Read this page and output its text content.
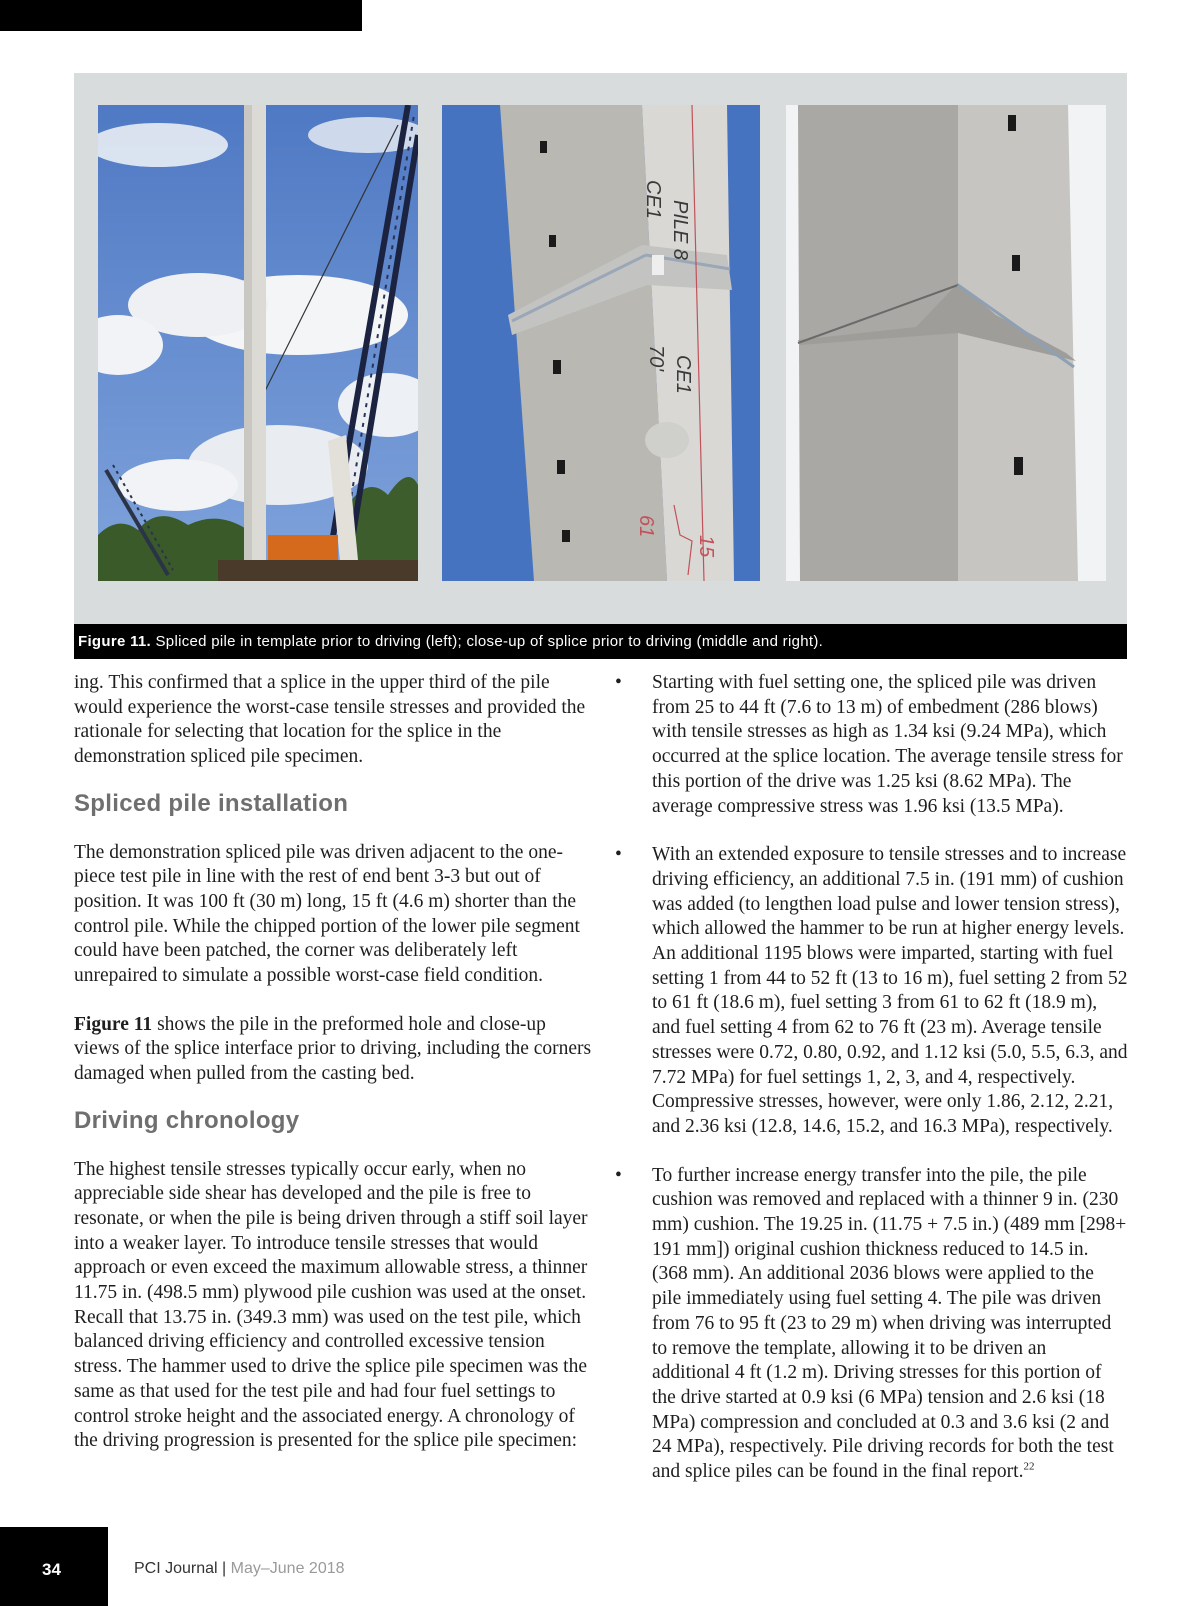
PILE 8
CE1
CE1
70'
61
15
Figure 11. Spliced pile in template prior to driving (left); close-up of splice prior to driving (middle and right).

ing. This confirmed that a splice in the upper third of the pile would experience the worst-case tensile stresses and provided the rationale for selecting that location for the splice in the demonstration spliced pile specimen.

Spliced pile installation

The demonstration spliced pile was driven adjacent to the one-piece test pile in line with the rest of end bent 3-3 but out of position. It was 100 ft (30 m) long, 15 ft (4.6 m) shorter than the control pile. While the chipped portion of the lower pile segment could have been patched, the corner was deliberately left unrepaired to simulate a possible worst-case field condition.

Figure 11 shows the pile in the preformed hole and close-up views of the splice interface prior to driving, including the corners damaged when pulled from the casting bed.

Driving chronology

The highest tensile stresses typically occur early, when no appreciable side shear has developed and the pile is free to resonate, or when the pile is being driven through a stiff soil layer into a weaker layer. To introduce tensile stresses that would approach or even exceed the maximum allowable stress, a thinner 11.75 in. (498.5 mm) plywood pile cushion was used at the onset. Recall that 13.75 in. (349.3 mm) was used on the test pile, which balanced driving efficiency and controlled excessive tension stress. The hammer used to drive the splice pile specimen was the same as that used for the test pile and had four fuel settings to control stroke height and the associated energy. A chronology of the driving progression is presented for the splice pile specimen:

• Starting with fuel setting one, the spliced pile was driven from 25 to 44 ft (7.6 to 13 m) of embedment (286 blows) with tensile stresses as high as 1.34 ksi (9.24 MPa), which occurred at the splice location. The average tensile stress for this portion of the drive was 1.25 ksi (8.62 MPa). The average compressive stress was 1.96 ksi (13.5 MPa).

• With an extended exposure to tensile stresses and to increase driving efficiency, an additional 7.5 in. (191 mm) of cushion was added (to lengthen load pulse and lower tension stress), which allowed the hammer to be run at higher energy levels. An additional 1195 blows were imparted, starting with fuel setting 1 from 44 to 52 ft (13 to 16 m), fuel setting 2 from 52 to 61 ft (18.6 m), fuel setting 3 from 61 to 62 ft (18.9 m), and fuel setting 4 from 62 to 76 ft (23 m). Average tensile stresses were 0.72, 0.80, 0.92, and 1.12 ksi (5.0, 5.5, 6.3, and 7.72 MPa) for fuel settings 1, 2, 3, and 4, respectively. Compressive stresses, however, were only 1.86, 2.12, 2.21, and 2.36 ksi (12.8, 14.6, 15.2, and 16.3 MPa), respectively.

• To further increase energy transfer into the pile, the pile cushion was removed and replaced with a thinner 9 in. (230 mm) cushion. The 19.25 in. (11.75 + 7.5 in.) (489 mm [298+ 191 mm]) original cushion thickness reduced to 14.5 in. (368 mm). An additional 2036 blows were applied to the pile immediately using fuel setting 4. The pile was driven from 76 to 95 ft (23 to 29 m) when driving was interrupted to remove the template, allowing it to be driven an additional 4 ft (1.2 m). Driving stresses for this portion of the drive started at 0.9 ksi (6 MPa) tension and 2.6 ksi (18 MPa) compression and concluded at 0.3 and 3.6 ksi (2 and 24 MPa), respectively. Pile driving records for both the test and splice piles can be found in the final report.$^{22}$

34	PCI Journal | May–June 2018
